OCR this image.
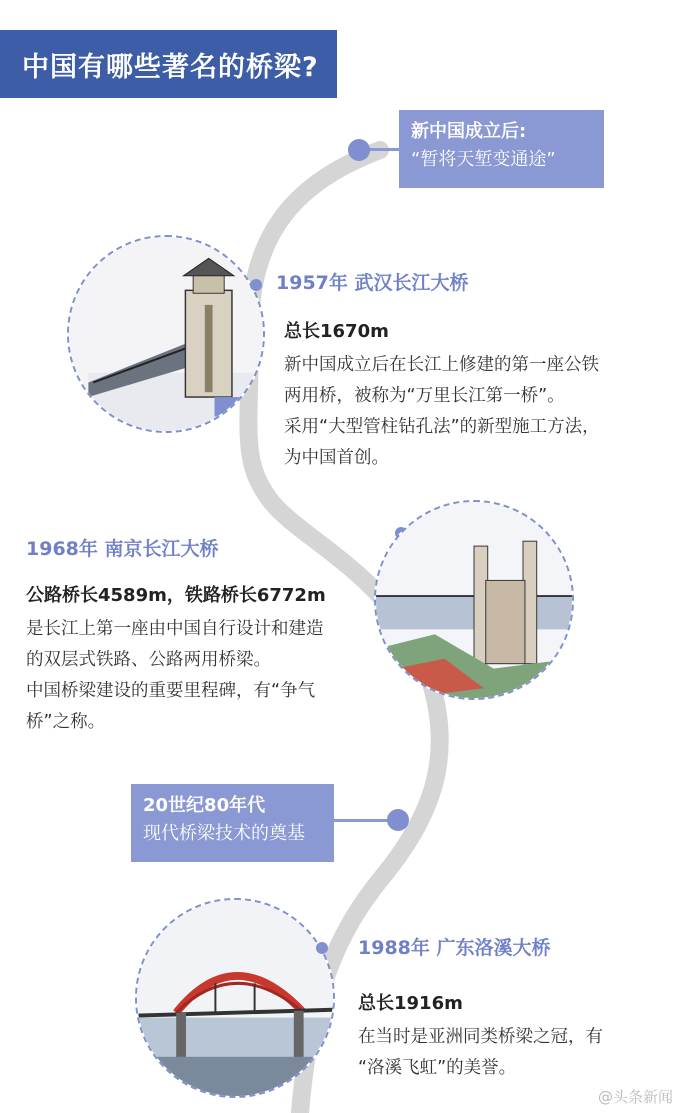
中国有哪些著名的桥梁?
新中国成立后:
“暂将天堑变通途”
1957年 武汉长江大桥
总长1670m
新中国成立后在长江上修建的第一座公铁
两用桥，被称为“万里长江第一桥”。
采用“大型管柱钻孔法”的新型施工方法，
为中国首创。
1968年 南京长江大桥
公路桥长4589m，铁路桥长6772m
是长江上第一座由中国自行设计和建造
的双层式铁路、公路两用桥梁。
中国桥梁建设的重要里程碑，有“争气
桥”之称。
20世纪80年代
现代桥梁技术的奠基
1988年 广东洛溪大桥
总长1916m
在当时是亚洲同类桥梁之冠，有
“洛溪飞虹”的美誉。
@头条新闻
